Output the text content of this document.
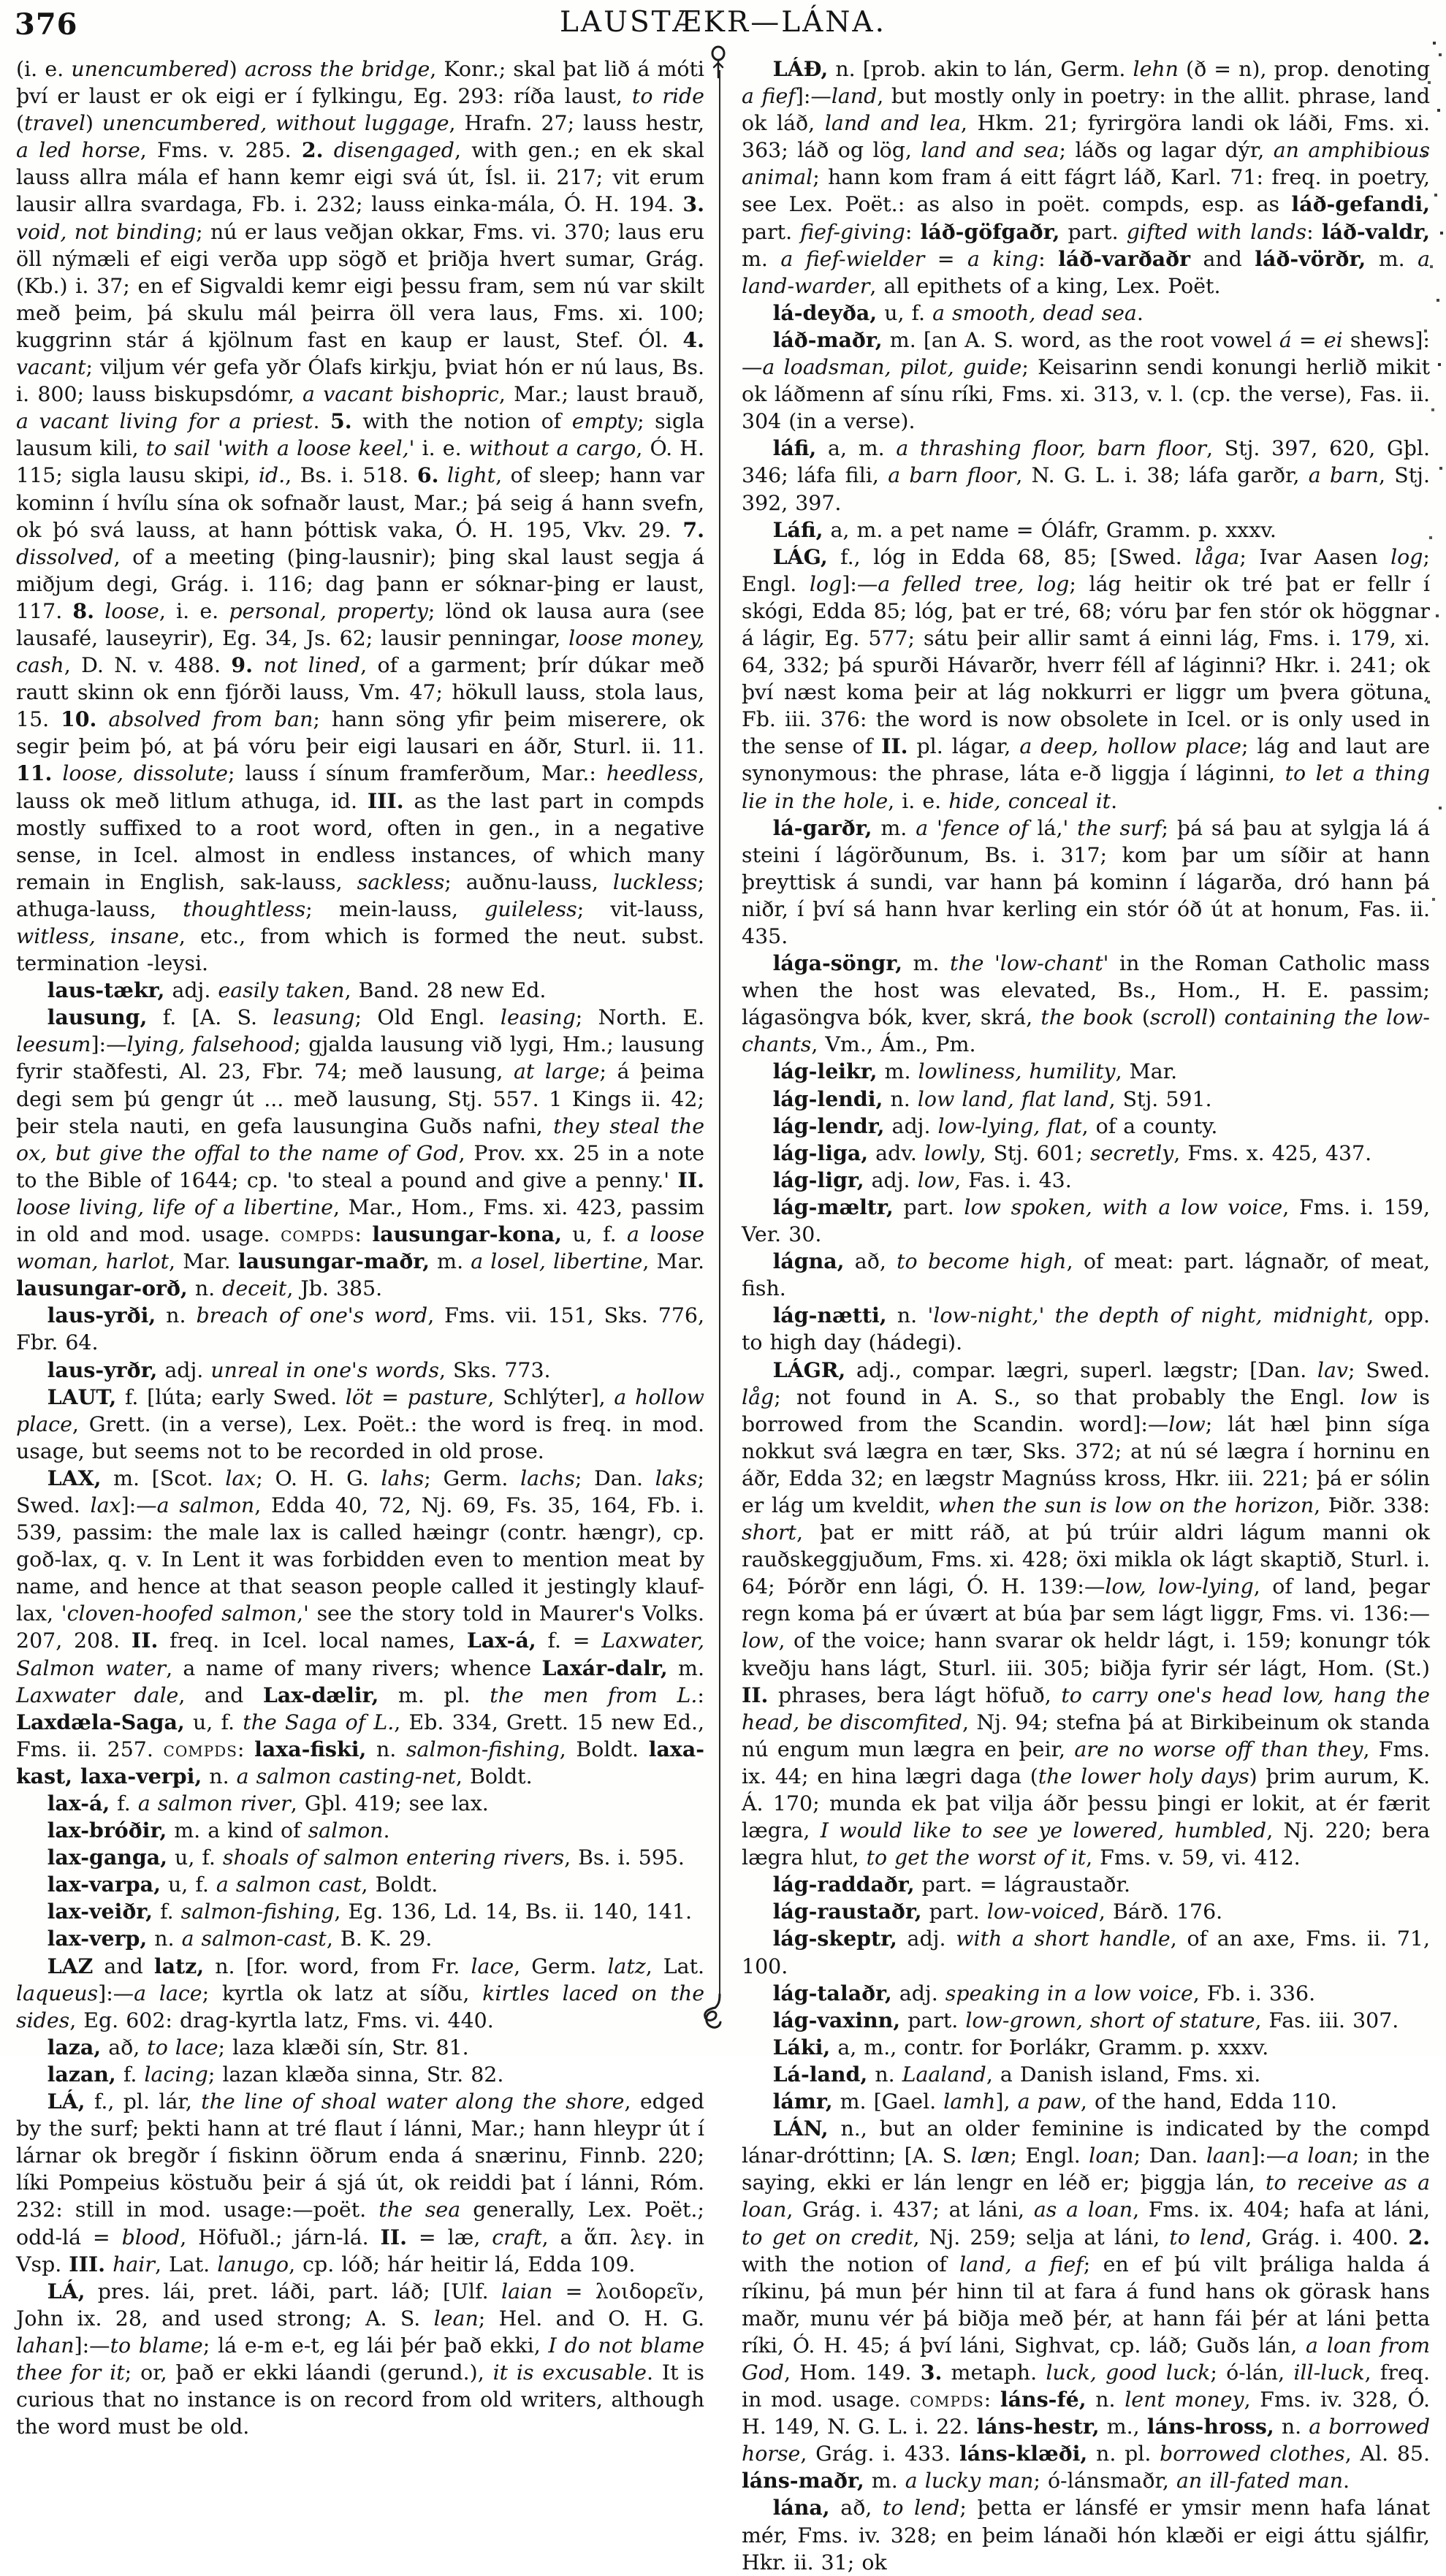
376	LAUSTÆKR—LÁNA.

(i. e. unencumbered) across the bridge, Konr.; skal þat lið á móti því er laust er ok eigi er í fylkingu, Eg. 293: ríða laust, to ride (travel) unencumbered, without luggage, Hrafn. 27; lauss hestr, a led horse, Fms. v. 285. 2. disengaged, with gen.; en ek skal lauss allra mála ef hann kemr eigi svá út, Ísl. ii. 217; vit erum lausir allra svardaga, Fb. i. 232; lauss einka-mála, Ó. H. 194. 3. void, not binding; nú er laus veðjan okkar, Fms. vi. 370; laus eru öll nýmæli ef eigi verða upp sögð et þriðja hvert sumar, Grág. (Kb.) i. 37; en ef Sigvaldi kemr eigi þessu fram, sem nú var skilt með þeim, þá skulu mál þeirra öll vera laus, Fms. xi. 100; kuggrinn stár á kjölnum fast en kaup er laust, Stef. Ól. 4. vacant; viljum vér gefa yðr Ólafs kirkju, þviat hón er nú laus, Bs. i. 800; lauss biskupsdómr, a vacant bishopric, Mar.; laust brauð, a vacant living for a priest. 5. with the notion of empty; sigla lausum kili, to sail 'with a loose keel,' i. e. without a cargo, Ó. H. 115; sigla lausu skipi, id., Bs. i. 518. 6. light, of sleep; hann var kominn í hvílu sína ok sofnaðr laust, Mar.; þá seig á hann svefn, ok þó svá lauss, at hann þóttisk vaka, Ó. H. 195, Vkv. 29. 7. dissolved, of a meeting (þing-lausnir); þing skal laust segja á miðjum degi, Grág. i. 116; dag þann er sóknar-þing er laust, 117. 8. loose, i. e. personal, property; lönd ok lausa aura (see lausafé, lauseyrir), Eg. 34, Js. 62; lausir penningar, loose money, cash, D. N. v. 488. 9. not lined, of a garment; þrír dúkar með rautt skinn ok enn fjórði lauss, Vm. 47; hökull lauss, stola laus, 15. 10. absolved from ban; hann söng yfir þeim miserere, ok segir þeim þó, at þá vóru þeir eigi lausari en áðr, Sturl. ii. 11. 11. loose, dissolute; lauss í sínum framferðum, Mar.: heedless, lauss ok með litlum athuga, id. III. as the last part in compds mostly suffixed to a root word, often in gen., in a negative sense, in Icel. almost in endless instances, of which many remain in English, sak-lauss, sackless; auðnu-lauss, luckless; athuga-lauss, thoughtless; mein-lauss, guileless; vit-lauss, witless, insane, etc., from which is formed the neut. subst. termination -leysi.

laus-tækr, adj. easily taken, Band. 28 new Ed.

lausung, f. [A. S. leasung; Old Engl. leasing; North. E. leesum]:—lying, falsehood; gjalda lausung við lygi, Hm.; lausung fyrir staðfesti, Al. 23, Fbr. 74; með lausung, at large; á þeima degi sem þú gengr út ... með lausung, Stj. 557. 1 Kings ii. 42; þeir stela nauti, en gefa lausungina Guðs nafni, they steal the ox, but give the offal to the name of God, Prov. xx. 25 in a note to the Bible of 1644; cp. 'to steal a pound and give a penny.' II. loose living, life of a libertine, Mar., Hom., Fms. xi. 423, passim in old and mod. usage. compds: lausungar-kona, u, f. a loose woman, harlot, Mar. lausungar-maðr, m. a losel, libertine, Mar. lausungar-orð, n. deceit, Jb. 385.

laus-yrði, n. breach of one's word, Fms. vii. 151, Sks. 776, Fbr. 64.

laus-yrðr, adj. unreal in one's words, Sks. 773.

LAUT, f. [lúta; early Swed. löt = pasture, Schlýter], a hollow place, Grett. (in a verse), Lex. Poët.: the word is freq. in mod. usage, but seems not to be recorded in old prose.

LAX, m. [Scot. lax; O. H. G. lahs; Germ. lachs; Dan. laks; Swed. lax]:—a salmon, Edda 40, 72, Nj. 69, Fs. 35, 164, Fb. i. 539, passim: the male lax is called hæingr (contr. hængr), cp. goð-lax, q. v. In Lent it was forbidden even to mention meat by name, and hence at that season people called it jestingly klauf-lax, 'cloven-hoofed salmon,' see the story told in Maurer's Volks. 207, 208. II. freq. in Icel. local names, Lax-á, f. = Laxwater, Salmon water, a name of many rivers; whence Laxár-dalr, m. Laxwater dale, and Lax-dælir, m. pl. the men from L.: Laxdæla-Saga, u, f. the Saga of L., Eb. 334, Grett. 15 new Ed., Fms. ii. 257. compds: laxa-fiski, n. salmon-fishing, Boldt. laxa-kast, laxa-verpi, n. a salmon casting-net, Boldt.

lax-á, f. a salmon river, Gþl. 419; see lax.

lax-bróðir, m. a kind of salmon.

lax-ganga, u, f. shoals of salmon entering rivers, Bs. i. 595.

lax-varpa, u, f. a salmon cast, Boldt.

lax-veiðr, f. salmon-fishing, Eg. 136, Ld. 14, Bs. ii. 140, 141.

lax-verp, n. a salmon-cast, B. K. 29.

LAZ and latz, n. [for. word, from Fr. lace, Germ. latz, Lat. laqueus]:—a lace; kyrtla ok latz at síðu, kirtles laced on the sides, Eg. 602: drag-kyrtla latz, Fms. vi. 440.

laza, að, to lace; laza klæði sín, Str. 81.

lazan, f. lacing; lazan klæða sinna, Str. 82.

LÁ, f., pl. lár, the line of shoal water along the shore, edged by the surf; þekti hann at tré flaut í lánni, Mar.; hann hleypr út í lárnar ok bregðr í fiskinn öðrum enda á snærinu, Finnb. 220; líki Pompeius köstuðu þeir á sjá út, ok reiddi þat í lánni, Róm. 232: still in mod. usage:—poët. the sea generally, Lex. Poët.; odd-lá = blood, Höfuðl.; járn-lá. II. = læ, craft, a ἅπ. λεγ. in Vsp. III. hair, Lat. lanugo, cp. lóð; hár heitir lá, Edda 109.

LÁ, pres. lái, pret. láði, part. láð; [Ulf. laian = λοιδορεῖν, John ix. 28, and used strong; A. S. lean; Hel. and O. H. G. lahan]:—to blame; lá e-m e-t, eg lái þér það ekki, I do not blame thee for it; or, það er ekki láandi (gerund.), it is excusable. It is curious that no instance is on record from old writers, although the word must be old.

LÁÐ, n. [prob. akin to lán, Germ. lehn (ð = n), prop. denoting a fief]:—land, but mostly only in poetry: in the allit. phrase, land ok láð, land and lea, Hkm. 21; fyrirgöra landi ok láði, Fms. xi. 363; láð og lög, land and sea; láðs og lagar dýr, an amphibious animal; hann kom fram á eitt fágrt láð, Karl. 71: freq. in poetry, see Lex. Poët.: as also in poët. compds, esp. as láð-gefandi, part. fief-giving: láð-göfgaðr, part. gifted with lands: láð-valdr, m. a fief-wielder = a king: láð-varðaðr and láð-vörðr, m. a land-warder, all epithets of a king, Lex. Poët.

lá-deyða, u, f. a smooth, dead sea.

láð-maðr, m. [an A. S. word, as the root vowel á = ei shews]:—a loadsman, pilot, guide; Keisarinn sendi konungi herlið mikit ok láðmenn af sínu ríki, Fms. xi. 313, v. l. (cp. the verse), Fas. ii. 304 (in a verse).

láfi, a, m. a thrashing floor, barn floor, Stj. 397, 620, Gþl. 346; láfa fili, a barn floor, N. G. L. i. 38; láfa garðr, a barn, Stj. 392, 397.

Láfi, a, m. a pet name = Óláfr, Gramm. p. xxxv.

LÁG, f., lóg in Edda 68, 85; [Swed. låga; Ivar Aasen log; Engl. log]:—a felled tree, log; lág heitir ok tré þat er fellr í skógi, Edda 85; lóg, þat er tré, 68; vóru þar fen stór ok höggnar á lágir, Eg. 577; sátu þeir allir samt á einni lág, Fms. i. 179, xi. 64, 332; þá spurði Hávarðr, hverr féll af láginni? Hkr. i. 241; ok því næst koma þeir at lág nokkurri er liggr um þvera götuna, Fb. iii. 376: the word is now obsolete in Icel. or is only used in the sense of II. pl. lágar, a deep, hollow place; lág and laut are synonymous: the phrase, láta e-ð liggja í láginni, to let a thing lie in the hole, i. e. hide, conceal it.

lá-garðr, m. a 'fence of lá,' the surf; þá sá þau at sylgja lá á steini í lágörðunum, Bs. i. 317; kom þar um síðir at hann þreyttisk á sundi, var hann þá kominn í lágarða, dró hann þá niðr, í því sá hann hvar kerling ein stór óð út at honum, Fas. ii. 435.

lága-söngr, m. the 'low-chant' in the Roman Catholic mass when the host was elevated, Bs., Hom., H. E. passim; lágasöngva bók, kver, skrá, the book (scroll) containing the low-chants, Vm., Ám., Pm.

lág-leikr, m. lowliness, humility, Mar.

lág-lendi, n. low land, flat land, Stj. 591.

lág-lendr, adj. low-lying, flat, of a county.

lág-liga, adv. lowly, Stj. 601; secretly, Fms. x. 425, 437.

lág-ligr, adj. low, Fas. i. 43.

lág-mæltr, part. low spoken, with a low voice, Fms. i. 159, Ver. 30.

lágna, að, to become high, of meat: part. lágnaðr, of meat, fish.

lág-nætti, n. 'low-night,' the depth of night, midnight, opp. to high day (hádegi).

LÁGR, adj., compar. lægri, superl. lægstr; [Dan. lav; Swed. låg; not found in A. S., so that probably the Engl. low is borrowed from the Scandin. word]:—low; lát hæl þinn síga nokkut svá lægra en tær, Sks. 372; at nú sé lægra í horninu en áðr, Edda 32; en lægstr Magnúss kross, Hkr. iii. 221; þá er sólin er lág um kveldit, when the sun is low on the horizon, Þiðr. 338: short, þat er mitt ráð, at þú trúir aldri lágum manni ok rauðskeggjuðum, Fms. xi. 428; öxi mikla ok lágt skaptið, Sturl. i. 64; Þórðr enn lági, Ó. H. 139:—low, low-lying, of land, þegar regn koma þá er úvært at búa þar sem lágt liggr, Fms. vi. 136:—low, of the voice; hann svarar ok heldr lágt, i. 159; konungr tók kveðju hans lágt, Sturl. iii. 305; biðja fyrir sér lágt, Hom. (St.) II. phrases, bera lágt höfuð, to carry one's head low, hang the head, be discomfited, Nj. 94; stefna þá at Birkibeinum ok standa nú engum mun lægra en þeir, are no worse off than they, Fms. ix. 44; en hina lægri daga (the lower holy days) þrim aurum, K. Á. 170; munda ek þat vilja áðr þessu þingi er lokit, at ér færit lægra, I would like to see ye lowered, humbled, Nj. 220; bera lægra hlut, to get the worst of it, Fms. v. 59, vi. 412.

lág-raddaðr, part. = lágraustaðr.

lág-raustaðr, part. low-voiced, Bárð. 176.

lág-skeptr, adj. with a short handle, of an axe, Fms. ii. 71, 100.

lág-talaðr, adj. speaking in a low voice, Fb. i. 336.

lág-vaxinn, part. low-grown, short of stature, Fas. iii. 307.

Láki, a, m., contr. for Þorlákr, Gramm. p. xxxv.

Lá-land, n. Laaland, a Danish island, Fms. xi.

lámr, m. [Gael. lamh], a paw, of the hand, Edda 110.

LÁN, n., but an older feminine is indicated by the compd lánar-dróttinn; [A. S. læn; Engl. loan; Dan. laan]:—a loan; in the saying, ekki er lán lengr en léð er; þiggja lán, to receive as a loan, Grág. i. 437; at láni, as a loan, Fms. ix. 404; hafa at láni, to get on credit, Nj. 259; selja at láni, to lend, Grág. i. 400. 2. with the notion of land, a fief; en ef þú vilt þráliga halda á ríkinu, þá mun þér hinn til at fara á fund hans ok görask hans maðr, munu vér þá biðja með þér, at hann fái þér at láni þetta ríki, Ó. H. 45; á því láni, Sighvat, cp. láð; Guðs lán, a loan from God, Hom. 149. 3. metaph. luck, good luck; ó-lán, ill-luck, freq. in mod. usage. compds: láns-fé, n. lent money, Fms. iv. 328, Ó. H. 149, N. G. L. i. 22. láns-hestr, m., láns-hross, n. a borrowed horse, Grág. i. 433. láns-klæði, n. pl. borrowed clothes, Al. 85. láns-maðr, m. a lucky man; ó-lánsmaðr, an ill-fated man.

lána, að, to lend; þetta er lánsfé er ymsir menn hafa lánat mér, Fms. iv. 328; en þeim lánaði hón klæði er eigi áttu sjálfir, Hkr. ii. 31; ok
